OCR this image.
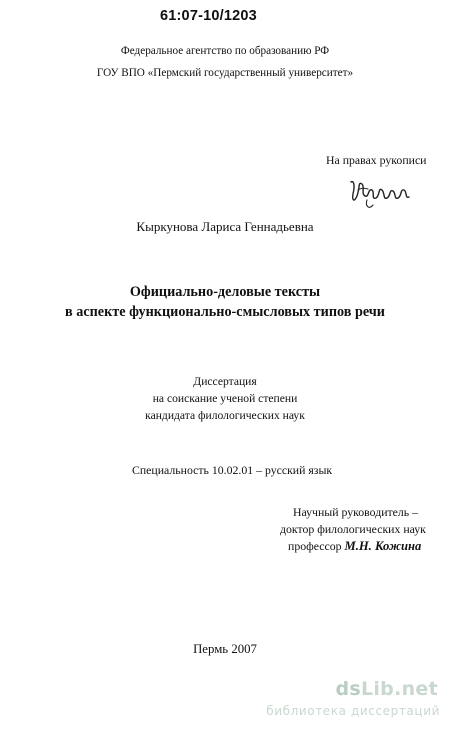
61:07-10/1203
Федеральное агентство по образованию РФ
ГОУ ВПО «Пермский государственный университет»
На правах рукописи
Кыркунова Лариса Геннадьевна
Официально-деловые тексты
в аспекте функционально-смысловых типов речи
Диссертация
на соискание ученой степени
кандидата филологических наук
Специальность 10.02.01 – русский язык
Научный руководитель –
доктор филологических наук
профессор М.Н. Кожина
Пермь 2007
dsLib.net
библиотека диссертаций
